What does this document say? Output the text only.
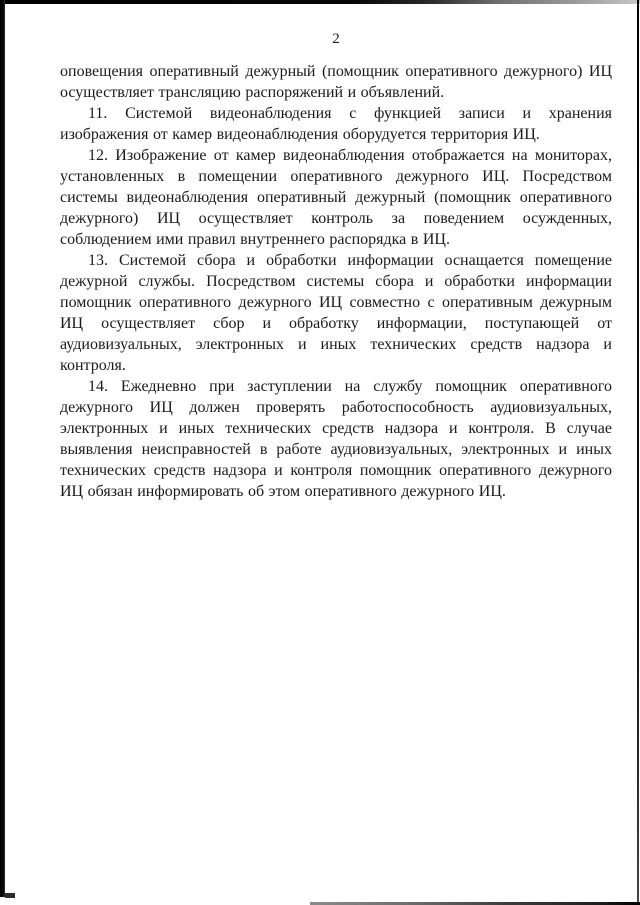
2

оповещения оперативный дежурный (помощник оперативного дежурного) ИЦ осуществляет трансляцию распоряжений и объявлений.

11. Системой видеонаблюдения с функцией записи и хранения изображения от камер видеонаблюдения оборудуется территория ИЦ.

12. Изображение от камер видеонаблюдения отображается на мониторах, установленных в помещении оперативного дежурного ИЦ. Посредством системы видеонаблюдения оперативный дежурный (помощник оперативного дежурного) ИЦ осуществляет контроль за поведением осужденных, соблюдением ими правил внутреннего распорядка в ИЦ.

13. Системой сбора и обработки информации оснащается помещение дежурной службы. Посредством системы сбора и обработки информации помощник оперативного дежурного ИЦ совместно с оперативным дежурным ИЦ осуществляет сбор и обработку информации, поступающей от аудиовизуальных, электронных и иных технических средств надзора и контроля.

14. Ежедневно при заступлении на службу помощник оперативного дежурного ИЦ должен проверять работоспособность аудиовизуальных, электронных и иных технических средств надзора и контроля. В случае выявления неисправностей в работе аудиовизуальных, электронных и иных технических средств надзора и контроля помощник оперативного дежурного ИЦ обязан информировать об этом оперативного дежурного ИЦ.
